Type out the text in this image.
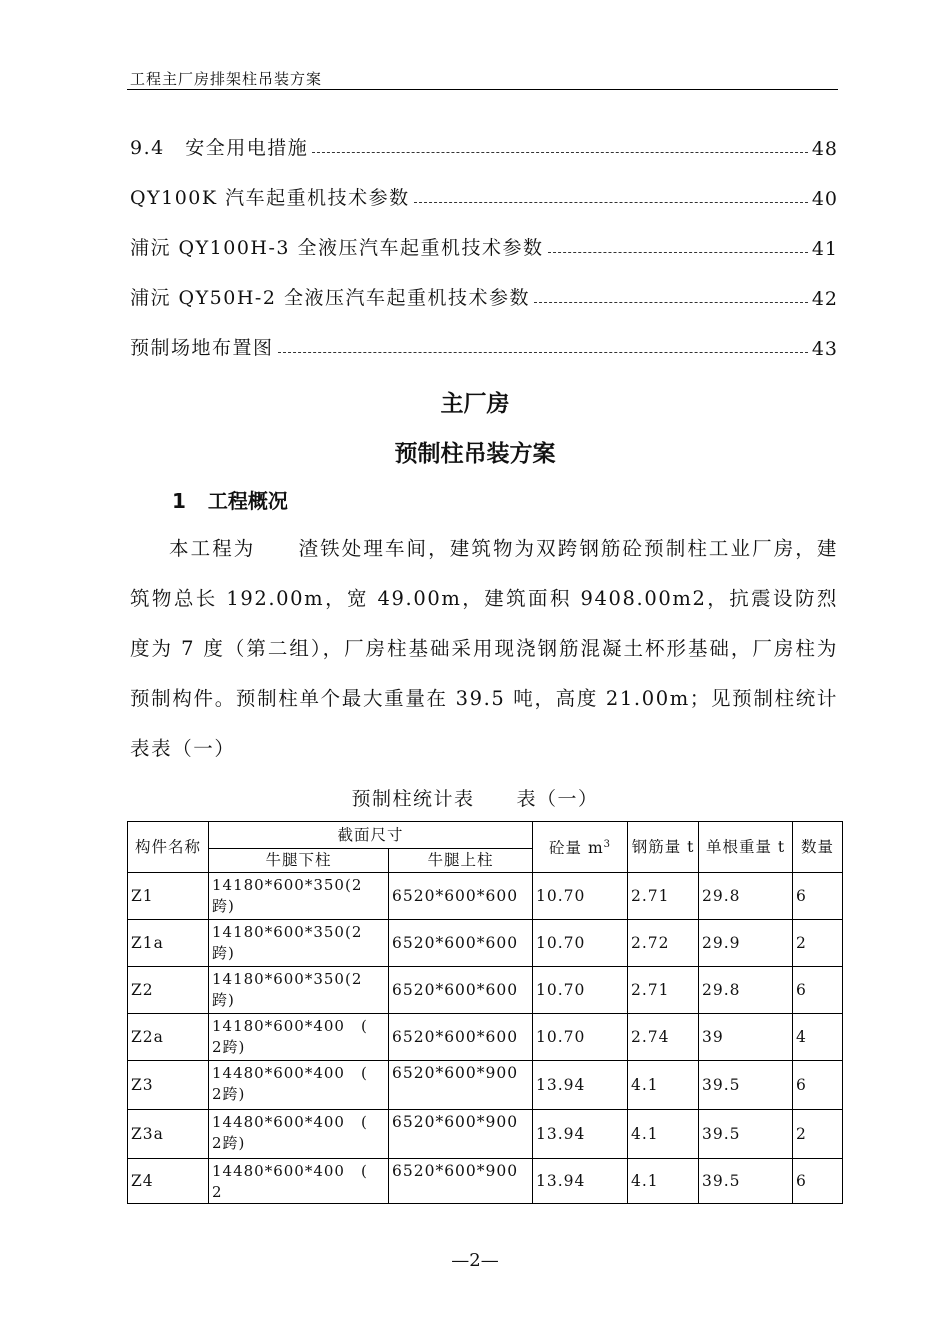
工程主厂房排架柱吊装方案
9.4　安全用电措施	48
QY100K 汽车起重机技术参数	40
浦沅 QY100H-3 全液压汽车起重机技术参数	41
浦沅 QY50H-2 全液压汽车起重机技术参数	42
预制场地布置图	43
主厂房
预制柱吊装方案
1 工程概况

本工程为　　渣铁处理车间，建筑物为双跨钢筋砼预制柱工业厂房，建筑物总长 192.00m，宽 49.00m，建筑面积 9408.00m2，抗震设防烈度为 7 度（第二组），厂房柱基础采用现浇钢筋混凝土杯形基础，厂房柱为预制构件。预制柱单个最大重量在 39.5 吨，高度 21.00m；见预制柱统计表表（一）

预制柱统计表 表（一）
构件名称	截面尺寸		砼量 $m^3$	钢筋量 t	单根重量 t	数量
	牛腿下柱	牛腿上柱				
Z1	14180*600*350(2跨)	6520*600*600	10.70	2.71	29.8	6
Z1a	14180*600*350(2跨)	6520*600*600	10.70	2.72	29.9	2
Z2	14180*600*350(2跨)	6520*600*600	10.70	2.71	29.8	6
Z2a	14180*600*400　(　2跨)	6520*600*600	10.70	2.74	39	4
Z3	14480*600*400　(　2跨)	6520*600*900	13.94	4.1	39.5	6
Z3a	14480*600*400　(　2跨)	6520*600*900	13.94	4.1	39.5	2
Z4	14480*600*400　(　2	6520*600*900	13.94	4.1	39.5	6
—2—
